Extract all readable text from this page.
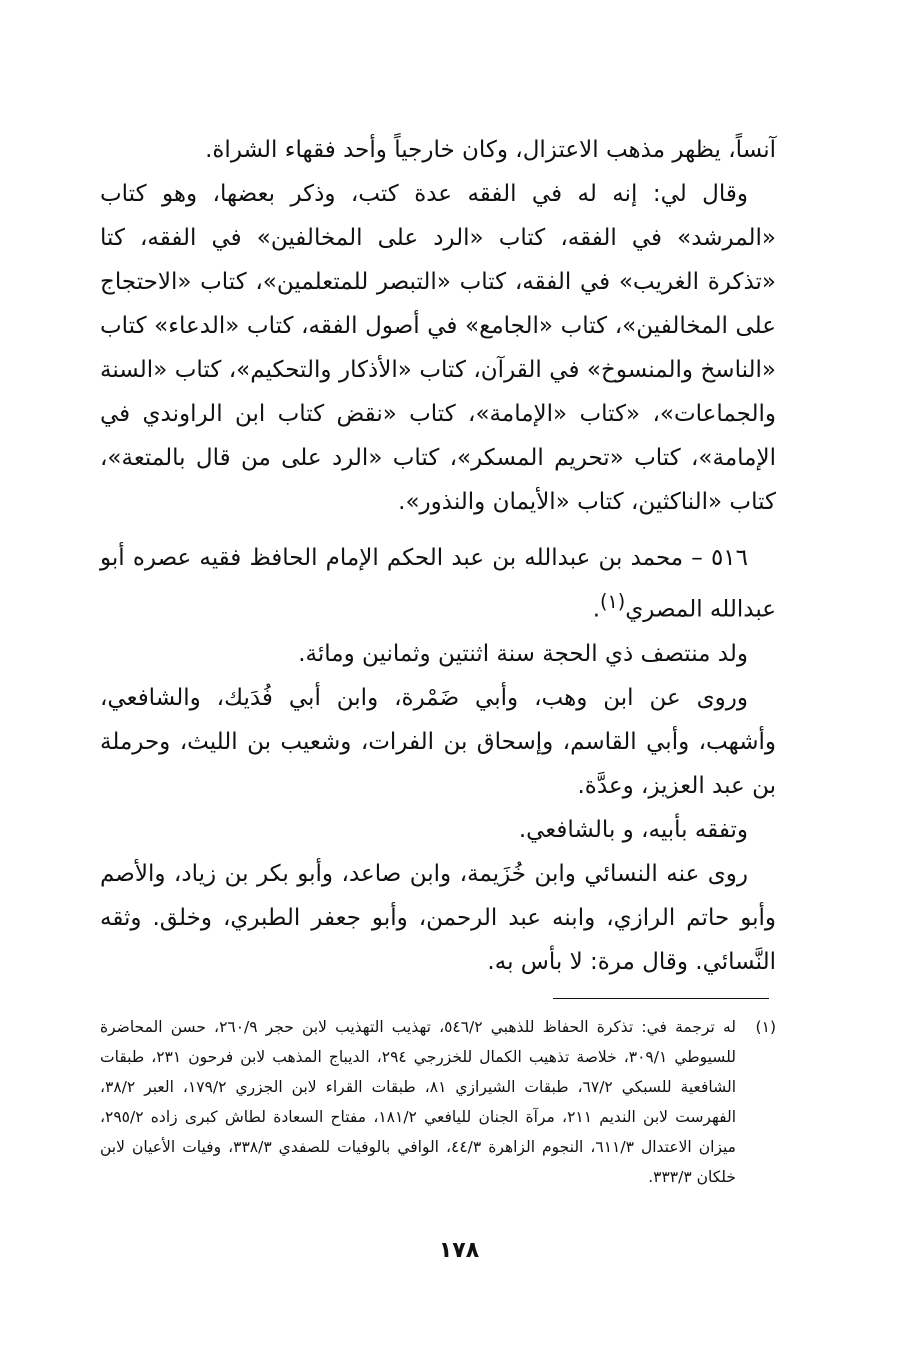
آنساً، يظهر مذهب الاعتزال، وكان خارجياً وأحد فقهاء الشراة.

وقال لي: إنه له في الفقه عدة كتب، وذكر بعضها، وهو كتاب «المرشد» في الفقه، كتاب «الرد على المخالفين» في الفقه، كتا «تذكرة الغريب» في الفقه، كتاب «التبصر للمتعلمين»، كتاب «الاحتجاج على المخالفين»، كتاب «الجامع» في أصول الفقه، كتاب «الدعاء» كتاب «الناسخ والمنسوخ» في القرآن، كتاب «الأذكار والتحكيم»، كتاب «السنة والجماعات»، «كتاب «الإمامة»، كتاب «نقض كتاب ابن الراوندي في الإمامة»، كتاب «تحريم المسكر»، كتاب «الرد على من قال بالمتعة»، كتاب «الناكثين، كتاب «الأيمان والنذور».

٥١٦ – محمد بن عبدالله بن عبد الحكم الإمام الحافظ فقيه عصره أبو عبدالله المصري$^{(١)}$.

ولد منتصف ذي الحجة سنة اثنتين وثمانين ومائة.

وروى عن ابن وهب، وأبي ضَمْرة، وابن أبي فُدَيك، والشافعي، وأشهب، وأبي القاسم، وإسحاق بن الفرات، وشعيب بن الليث، وحرملة بن عبد العزيز، وعدَّة.

وتفقه بأبيه، و بالشافعي.

روى عنه النسائي وابن خُزَيمة، وابن صاعد، وأبو بكر بن زياد، والأصم وأبو حاتم الرازي، وابنه عبد الرحمن، وأبو جعفر الطبري، وخلق. وثقه النَّسائي. وقال مرة: لا بأس به.

(١)
له ترجمة في: تذكرة الحفاظ للذهبي ٥٤٦/٢، تهذيب التهذيب لابن حجر ٢٦٠/٩، حسن المحاضرة للسيوطي ٣٠٩/١، خلاصة تذهيب الكمال للخزرجي ٢٩٤، الديباج المذهب لابن فرحون ٢٣١، طبقات الشافعية للسبكي ٦٧/٢، طبقات الشيرازي ٨١، طبقات القراء لابن الجزري ١٧٩/٢، العبر ٣٨/٢، الفهرست لابن النديم ٢١١، مرآة الجنان لليافعي ١٨١/٢، مفتاح السعادة لطاش كبرى زاده ٢٩٥/٢، ميزان الاعتدال ٦١١/٣، النجوم الزاهرة ٤٤/٣، الوافي بالوفيات للصفدي ٣٣٨/٣، وفيات الأعيان لابن خلكان ٣٣٣/٣.
١٧٨
